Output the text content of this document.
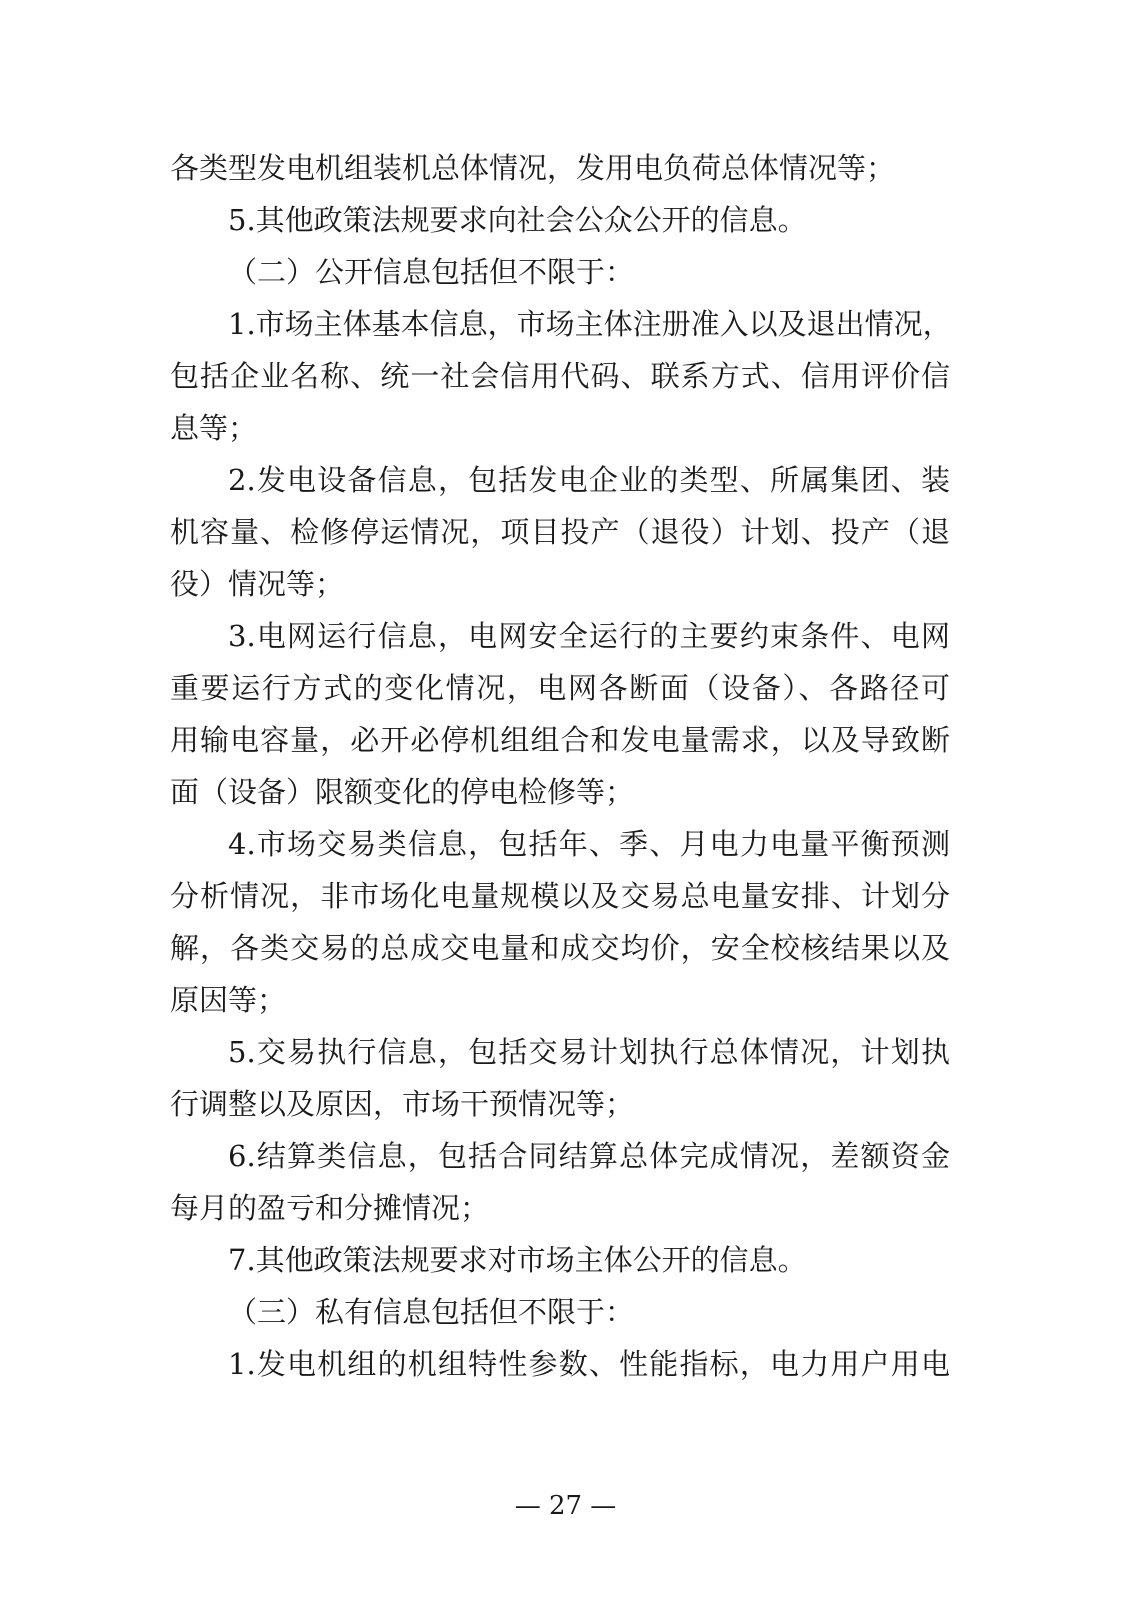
各类型发电机组装机总体情况，发用电负荷总体情况等；
5.其他政策法规要求向社会公众公开的信息。
（二）公开信息包括但不限于：
1.市场主体基本信息，市场主体注册准入以及退出情况，
包括企业名称、统一社会信用代码、联系方式、信用评价信
息等；
2.发电设备信息，包括发电企业的类型、所属集团、装
机容量、检修停运情况，项目投产（退役）计划、投产（退
役）情况等；
3.电网运行信息，电网安全运行的主要约束条件、电网
重要运行方式的变化情况，电网各断面（设备）、各路径可
用输电容量，必开必停机组组合和发电量需求，以及导致断
面（设备）限额变化的停电检修等；
4.市场交易类信息，包括年、季、月电力电量平衡预测
分析情况，非市场化电量规模以及交易总电量安排、计划分
解，各类交易的总成交电量和成交均价，安全校核结果以及
原因等；
5.交易执行信息，包括交易计划执行总体情况，计划执
行调整以及原因，市场干预情况等；
6.结算类信息，包括合同结算总体完成情况，差额资金
每月的盈亏和分摊情况；
7.其他政策法规要求对市场主体公开的信息。
（三）私有信息包括但不限于：
1.发电机组的机组特性参数、性能指标，电力用户用电
— 27 —
